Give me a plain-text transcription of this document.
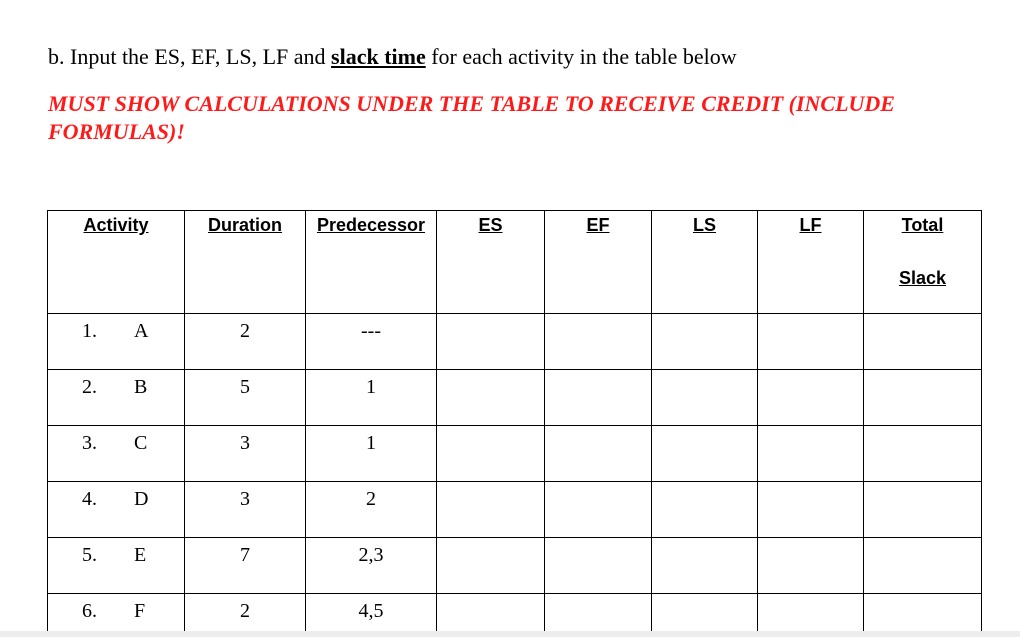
b. Input the ES, EF, LS, LF and slack time for each activity in the table below
MUST SHOW CALCULATIONS UNDER THE TABLE TO RECEIVE CREDIT (INCLUDE FORMULAS)!
Activity	Duration	Predecessor	ES	EF	LS	LF	Total
Slack

1. A	2	---					
2. B	5	1					
3. C	3	1					
4. D	3	2					
5. E	7	2,3					
6. F	2	4,5					
